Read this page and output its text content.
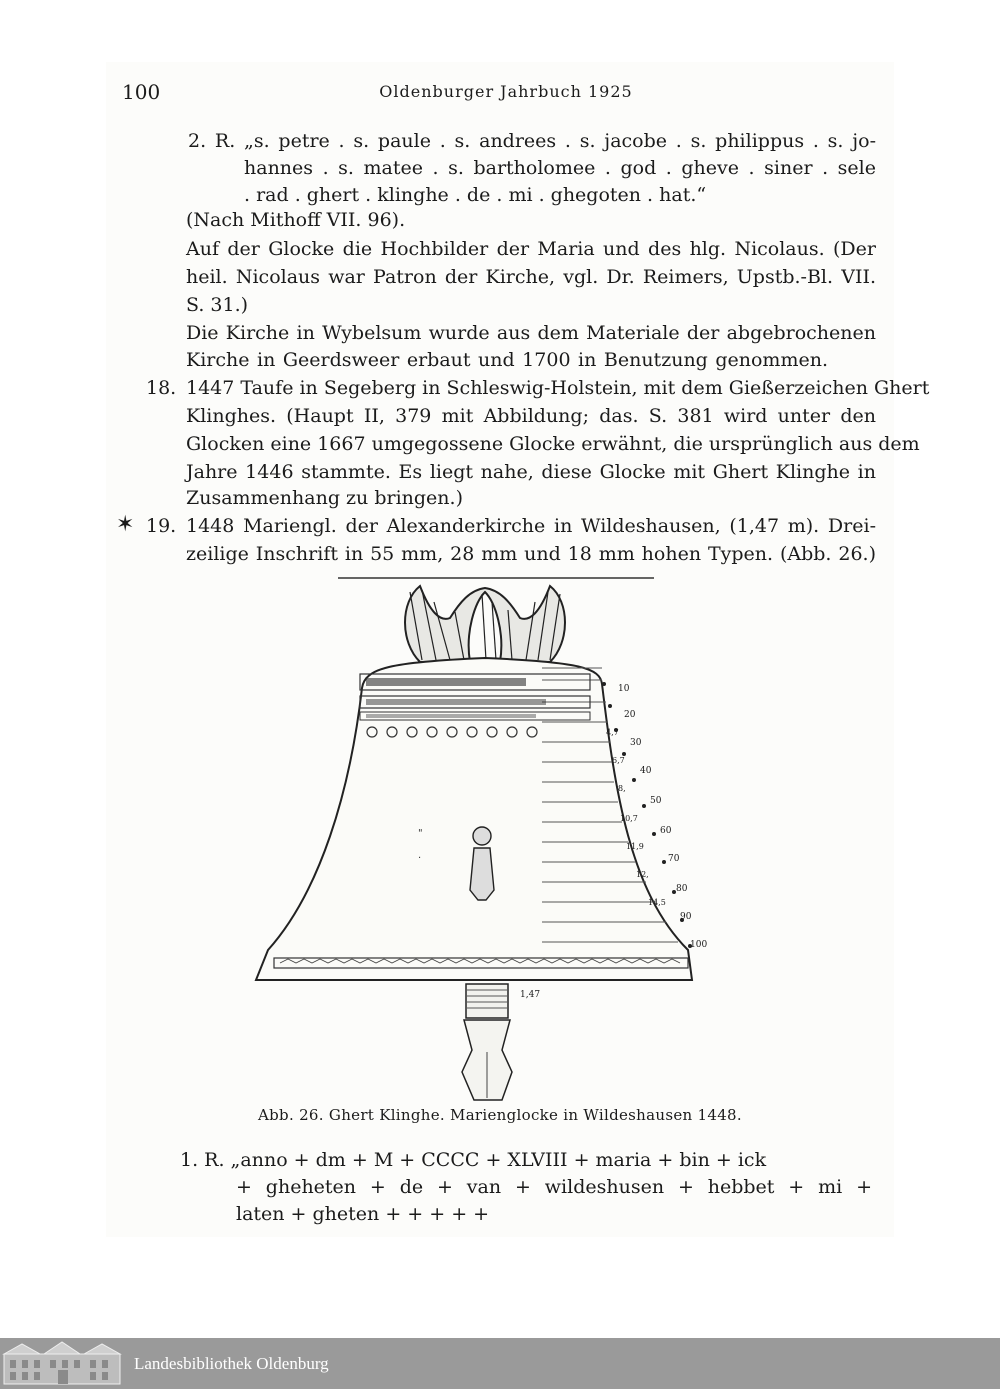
100	Oldenburger Jahrbuch 1925
2. R. „s. petre . s. paule . s. andrees . s. jacobe . s. philippus . s. jo-
hannes . s. matee . s. bartholomee . god . gheve . siner . sele
. rad . ghert . klinghe . de . mi . ghegoten . hat.“
(Nach Mithoff VII. 96).
Auf der Glocke die Hochbilder der Maria und des hlg. Nicolaus. (Der
heil. Nicolaus war Patron der Kirche, vgl. Dr. Reimers, Upstb.-Bl. VII.
S. 31.)
Die Kirche in Wybelsum wurde aus dem Materiale der abgebrochenen
Kirche in Geerdsweer erbaut und 1700 in Benutzung genommen.
18. 1447 Taufe in Segeberg in Schleswig-Holstein, mit dem Gießerzeichen Ghert
Klinghes. (Haupt II, 379 mit Abbildung; das. S. 381 wird unter den
Glocken eine 1667 umgegossene Glocke erwähnt, die ursprünglich aus dem
Jahre 1446 stammte. Es liegt nahe, diese Glocke mit Ghert Klinghe in
Zusammenhang zu bringen.)
✶ 19. 1448 Mariengl. der Alexanderkirche in Wildeshausen, (1,47 m). Drei-
zeilige Inschrift in 55 mm, 28 mm und 18 mm hohen Typen. (Abb. 26.)
"
.
10
20
30
40
50
60
70
80
90
100
1,47
4,7
6,7
8,
10,7
11,9
12,
14,5
Abb. 26. Ghert Klinghe. Marienglocke in Wildeshausen 1448.
1. R. „anno + dm + M + CCCC + XLVIII + maria + bin + ick
+ gheheten + de + van + wildeshusen + hebbet + mi +
laten + gheten + + + + +
Landesbibliothek Oldenburg
